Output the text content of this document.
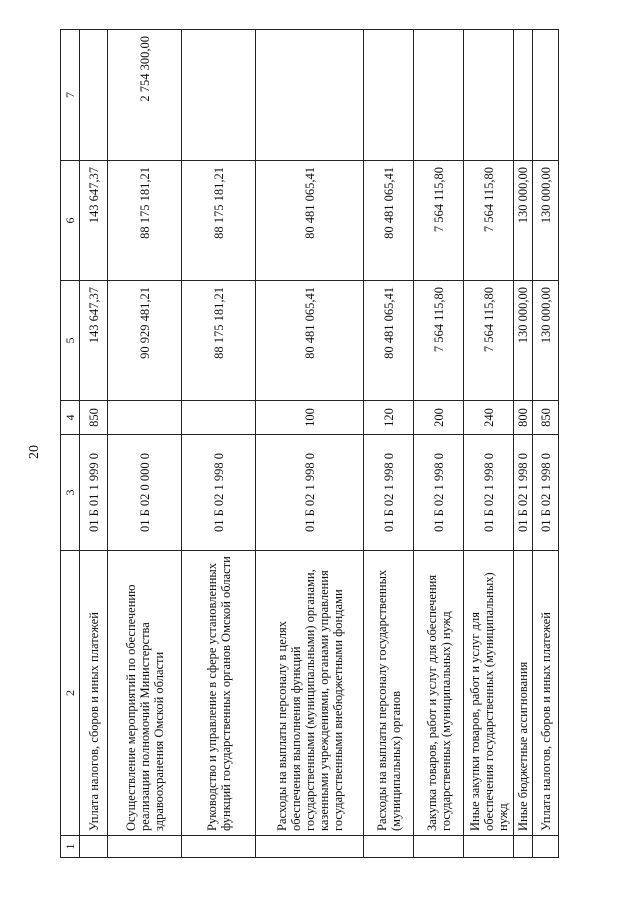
20
1	2	3	4	5	6	7
	Уплата налогов, сборов и иных платежей	01 Б 01 1 999 0	850	143 647,37	143 647,37	
	Осуществление мероприятий по обеспечению реализации полномочий Министерства здравоохранения Омской области	01 Б 02 0 000 0		90 929 481,21	88 175 181,21	2 754 300,00
	Руководство и управление в сфере установленных функций государственных органов Омской области	01 Б 02 1 998 0		88 175 181,21	88 175 181,21	
	Расходы на выплаты персоналу в целях обеспечения выполнения функций государственными (муниципальными) органами, казенными учреждениями, органами управления государственными внебюджетными фондами	01 Б 02 1 998 0	100	80 481 065,41	80 481 065,41	
	Расходы на выплаты персоналу государственных (муниципальных) органов	01 Б 02 1 998 0	120	80 481 065,41	80 481 065,41	
	Закупка товаров, работ и услуг для обеспечения государственных (муниципальных) нужд	01 Б 02 1 998 0	200	7 564 115,80	7 564 115,80	
	Иные закупки товаров, работ и услуг для обеспечения государственных (муниципальных) нужд	01 Б 02 1 998 0	240	7 564 115,80	7 564 115,80	
	Иные бюджетные ассигнования	01 Б 02 1 998 0	800	130 000,00	130 000,00	
	Уплата налогов, сборов и иных платежей	01 Б 02 1 998 0	850	130 000,00	130 000,00	
